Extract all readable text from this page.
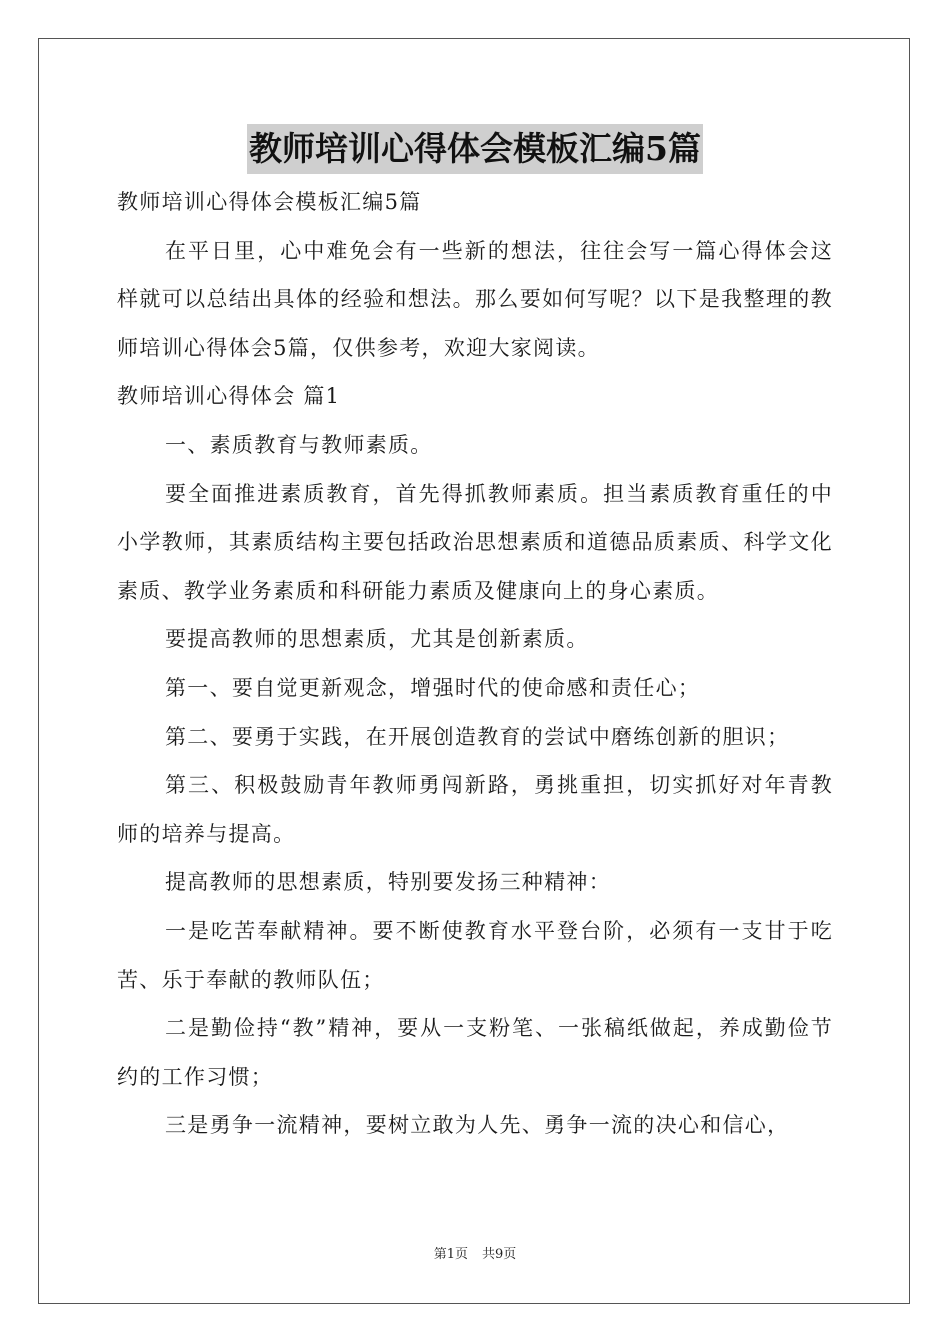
教师培训心得体会模板汇编5篇

教师培训心得体会模板汇编5篇

在平日里，心中难免会有一些新的想法，往往会写一篇心得体会这样就可以总结出具体的经验和想法。那么要如何写呢？以下是我整理的教师培训心得体会5篇，仅供参考，欢迎大家阅读。

教师培训心得体会 篇1

一、素质教育与教师素质。

要全面推进素质教育，首先得抓教师素质。担当素质教育重任的中小学教师，其素质结构主要包括政治思想素质和道德品质素质、科学文化素质、教学业务素质和科研能力素质及健康向上的身心素质。

要提高教师的思想素质，尤其是创新素质。

第一、要自觉更新观念，增强时代的使命感和责任心；

第二、要勇于实践，在开展创造教育的尝试中磨练创新的胆识；

第三、积极鼓励青年教师勇闯新路，勇挑重担，切实抓好对年青教师的培养与提高。

提高教师的思想素质，特别要发扬三种精神：

一是吃苦奉献精神。要不断使教育水平登台阶，必须有一支甘于吃苦、乐于奉献的教师队伍；

二是勤俭持“教”精神，要从一支粉笔、一张稿纸做起，养成勤俭节约的工作习惯；

三是勇争一流精神，要树立敢为人先、勇争一流的决心和信心，

第1页 共9页
